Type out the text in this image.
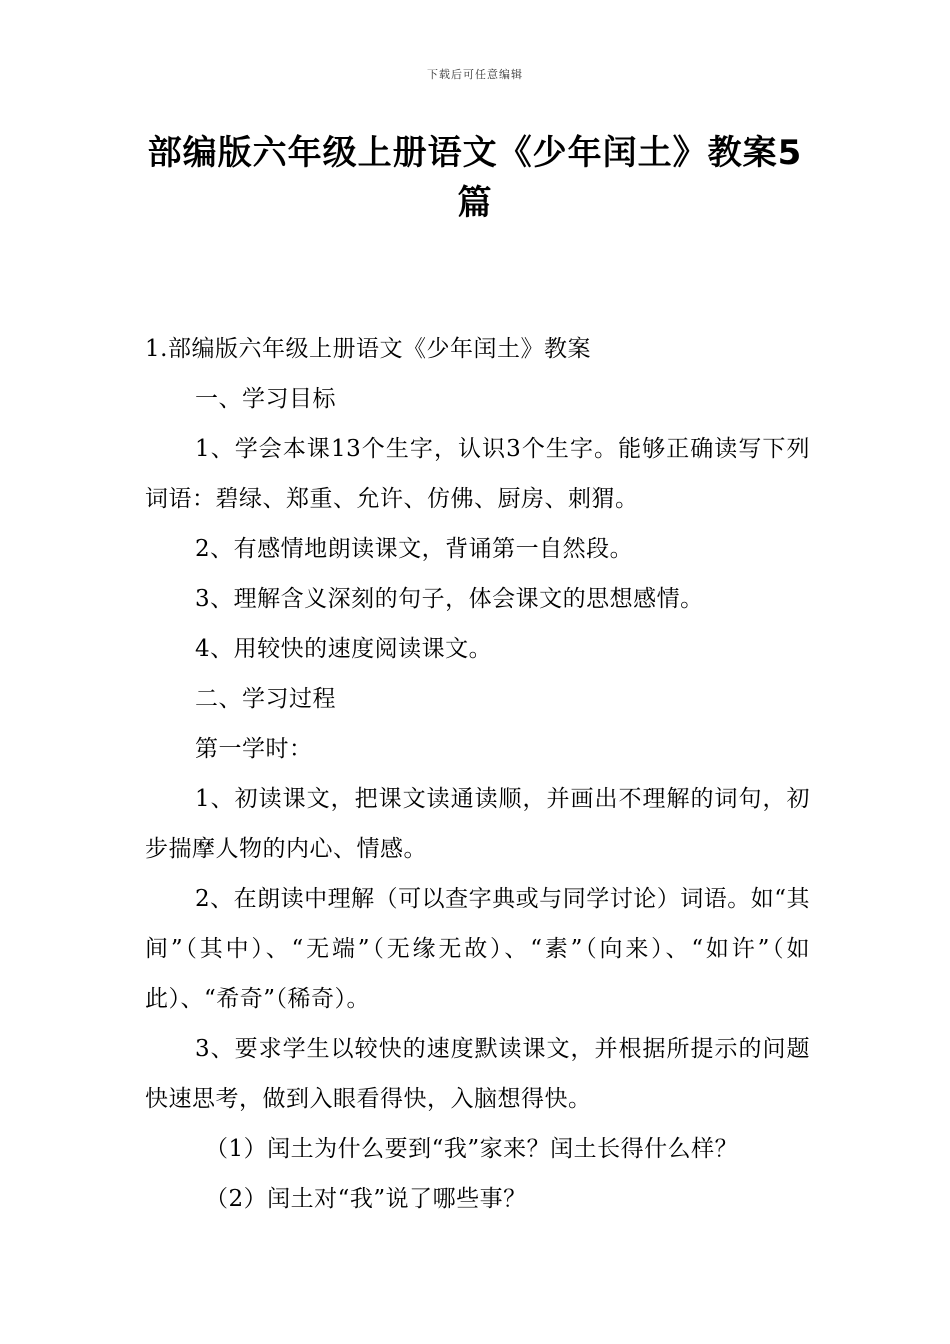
下载后可任意编辑
部编版六年级上册语文《少年闰土》教案5篇

1.部编版六年级上册语文《少年闰土》教案

一、学习目标

1、学会本课13个生字，认识3个生字。能够正确读写下列词语：碧绿、郑重、允许、仿佛、厨房、刺猬。

2、有感情地朗读课文，背诵第一自然段。

3、理解含义深刻的句子，体会课文的思想感情。

4、用较快的速度阅读课文。

二、学习过程

第一学时：

1、初读课文，把课文读通读顺，并画出不理解的词句，初步揣摩人物的内心、情感。

2、在朗读中理解（可以查字典或与同学讨论）词语。如“其间”（其中）、“无端”（无缘无故）、“素”（向来）、“如许”（如此）、“希奇”（稀奇）。

3、要求学生以较快的速度默读课文，并根据所提示的问题快速思考，做到入眼看得快，入脑想得快。

（1）闰土为什么要到“我”家来？闰土长得什么样？

（2）闰土对“我”说了哪些事？
